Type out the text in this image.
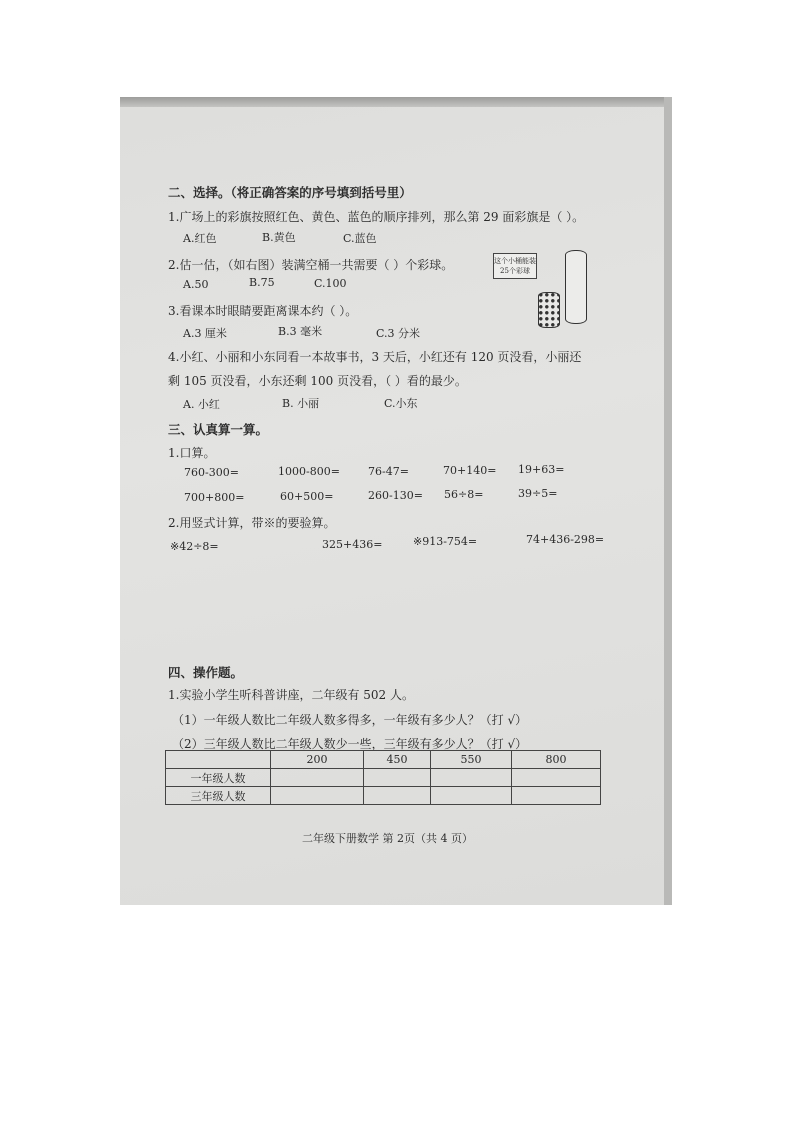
二、选择。（将正确答案的序号填到括号里）
1.广场上的彩旗按照红色、黄色、蓝色的顺序排列，那么第 29 面彩旗是（ ）。
A.红色	B.黄色	C.蓝色
2.估一估，（如右图）装满空桶一共需要（ ）个彩球。
A.50	B.75	C.100
这个小桶能装25个彩球
3.看课本时眼睛要距离课本约（ ）。
A.3 厘米	B.3 毫米	C.3 分米
4.小红、小丽和小东同看一本故事书，3 天后，小红还有 120 页没看，小丽还
剩 105 页没看，小东还剩 100 页没看，（ ）看的最少。
A. 小红	B. 小丽	C.小东
三、认真算一算。
1.口算。
760-300=	1000-800=	76-47=	70+140= 19+63=
700+800=	60+500=	260-130= 56÷8=	39÷5=
2.用竖式计算，带※的要验算。
※42÷8=	325+436=	※913-754=	74+436-298=
四、操作题。
1.实验小学生听科普讲座，二年级有 502 人。
（1）一年级人数比二年级人数多得多，一年级有多少人？（打 √）
（2）三年级人数比二年级人数少一些，三年级有多少人？（打 √）
	200	450	550	800
一年级人数				
三年级人数				
二年级下册数学 第 2页（共 4 页）
